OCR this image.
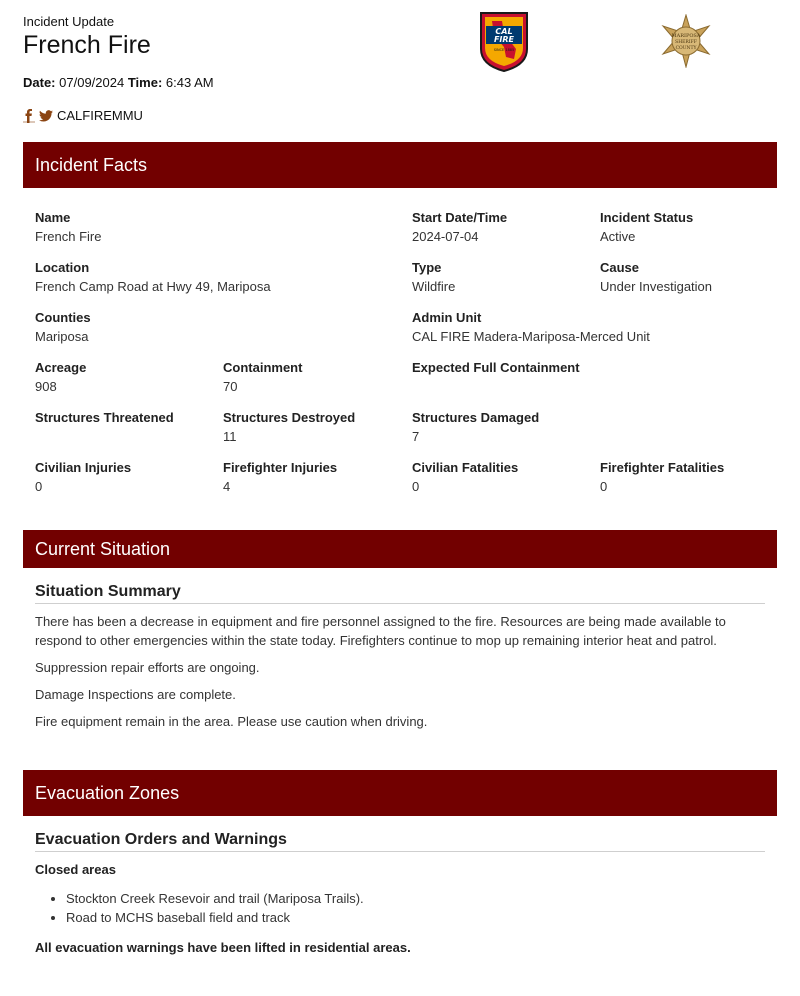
Incident Update
French Fire
Date: 07/09/2024 Time: 6:43 AM
CALFIREMMU
CAL
FIRE
SINCE 1885
MARIPOSA
SHERIFF
COUNTY
Incident Facts
Name
French Fire
Start Date/Time
2024-07-04
Incident Status
Active
Location
French Camp Road at Hwy 49, Mariposa
Type
Wildfire
Cause
Under Investigation
Counties
Mariposa
Admin Unit
CAL FIRE Madera-Mariposa-Merced Unit
Acreage
908
Containment
70
Expected Full Containment
Structures Threatened	Structures Destroyed
11
Structures Damaged
7
Civilian Injuries
0
Firefighter Injuries
4
Civilian Fatalities
0
Firefighter Fatalities
0
Current Situation
Situation Summary

There has been a decrease in equipment and fire personnel assigned to the fire. Resources are being made available to respond to other emergencies within the state today. Firefighters continue to mop up remaining interior heat and patrol.

Suppression repair efforts are ongoing.

Damage Inspections are complete.

Fire equipment remain in the area. Please use caution when driving.

Evacuation Zones
Evacuation Orders and Warnings
Closed areas
• Stockton Creek Resevoir and trail (Mariposa Trails).
• Road to MCHS baseball field and track
All evacuation warnings have been lifted in residential areas.
